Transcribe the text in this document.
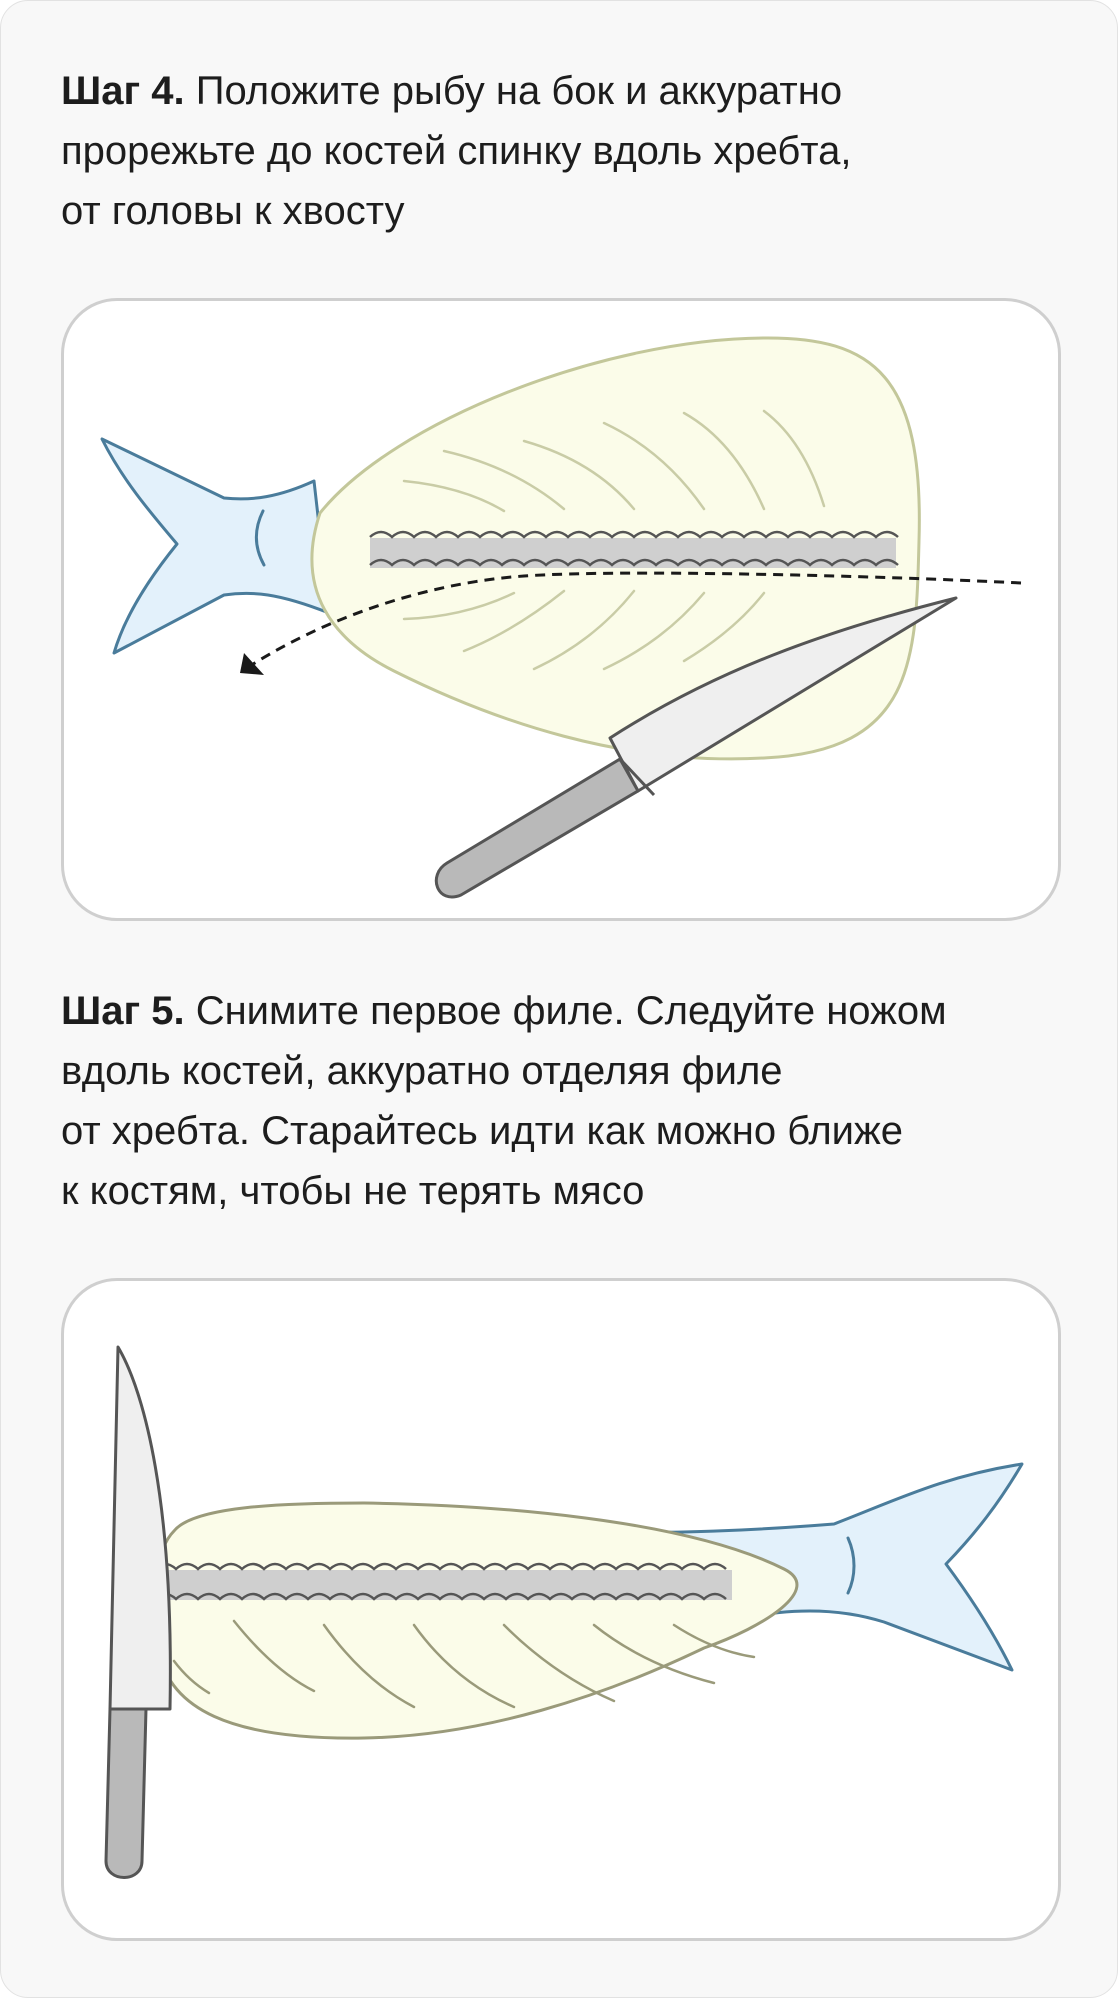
Шаг 4. Положите рыбу на бок и аккуратно
прорежьте до костей спинку вдоль хребта,
от головы к хвосту

Шаг 5. Снимите первое филе. Следуйте ножом
вдоль костей, аккуратно отделяя филе
от хребта. Старайтесь идти как можно ближе
к костям, чтобы не терять мясо
